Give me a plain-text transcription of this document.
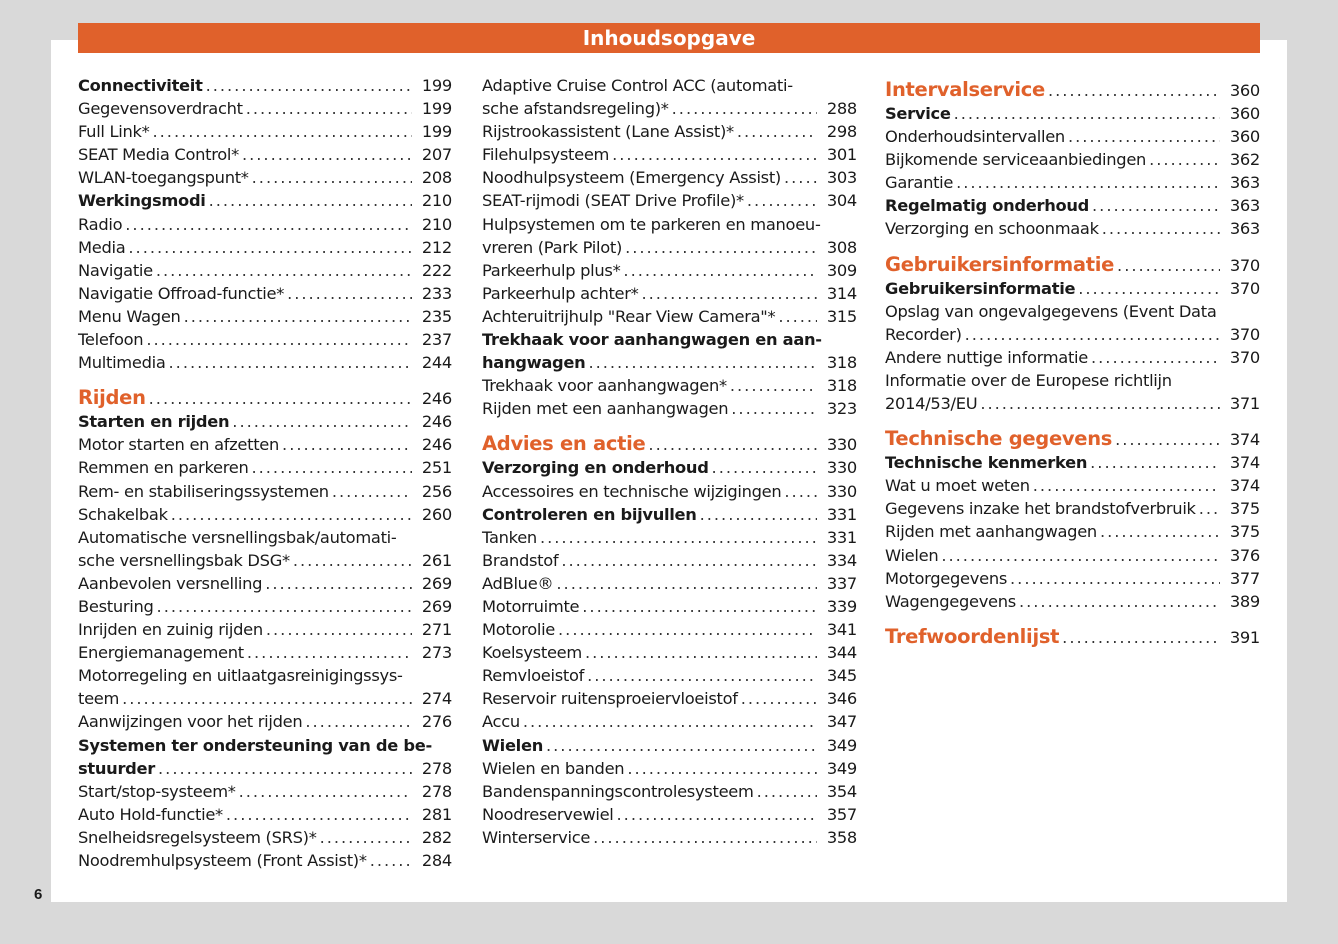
Inhoudsopgave
Connectiviteit . . .	199
Gegevensoverdracht . . .	199
Full Link* . . .	199
SEAT Media Control* . . .	207
WLAN-toegangspunt* . . .	208
Werkingsmodi . . .	210
Radio . . .	210
Media . . .	212
Navigatie . . .	222
Navigatie Offroad-functie* . . .	233
Menu Wagen . . .	235
Telefoon . . .	237
Multimedia . . .	244
Rijden . . .	246
Starten en rijden . . .	246
Motor starten en afzetten . . .	246
Remmen en parkeren . . .	251
Rem- en stabiliseringssystemen . . .	256
Schakelbak . . .	260
Automatische versnellingsbak/automati-
sche versnellingsbak DSG* . . .	261
Aanbevolen versnelling . . .	269
Besturing . . .	269
Inrijden en zuinig rijden . . .	271
Energiemanagement . . .	273
Motorregeling en uitlaatgasreinigingssys-
teem . . .	274
Aanwijzingen voor het rijden . . .	276
Systemen ter ondersteuning van de be-
stuurder . . .	278
Start/stop-systeem* . . .	278
Auto Hold-functie* . . .	281
Snelheidsregelsysteem (SRS)* . . .	282
Noodremhulpsysteem (Front Assist)* . . .	284
Adaptive Cruise Control ACC (automati-
sche afstandsregeling)* . . .	288
Rijstrookassistent (Lane Assist)* . . .	298
Filehulpsysteem . . .	301
Noodhulpsysteem (Emergency Assist) . . .	303
SEAT-rijmodi (SEAT Drive Profile)* . . .	304
Hulpsystemen om te parkeren en manoeu-
vreren (Park Pilot) . . .	308
Parkeerhulp plus* . . .	309
Parkeerhulp achter* . . .	314
Achteruitrijhulp "Rear View Camera"* . . .	315
Trekhaak voor aanhangwagen en aan-
hangwagen . . .	318
Trekhaak voor aanhangwagen* . . .	318
Rijden met een aanhangwagen . . .	323
Advies en actie . . .	330
Verzorging en onderhoud . . .	330
Accessoires en technische wijzigingen . . .	330
Controleren en bijvullen . . .	331
Tanken . . .	331
Brandstof . . .	334
AdBlue® . . .	337
Motorruimte . . .	339
Motorolie . . .	341
Koelsysteem . . .	344
Remvloeistof . . .	345
Reservoir ruitensproeiervloeistof . . .	346
Accu . . .	347
Wielen . . .	349
Wielen en banden . . .	349
Bandenspanningscontrolesysteem . . .	354
Noodreservewiel . . .	357
Winterservice . . .	358
Intervalservice . . .	360
Service . . .	360
Onderhoudsintervallen . . .	360
Bijkomende serviceaanbiedingen . . .	362
Garantie . . .	363
Regelmatig onderhoud . . .	363
Verzorging en schoonmaak . . .	363
Gebruikersinformatie . . .	370
Gebruikersinformatie . . .	370
Opslag van ongevalgegevens (Event Data
Recorder) . . .	370
Andere nuttige informatie . . .	370
Informatie over de Europese richtlijn
2014/53/EU . . .	371
Technische gegevens . . .	374
Technische kenmerken . . .	374
Wat u moet weten . . .	374
Gegevens inzake het brandstofverbruik . . . 375
Rijden met aanhangwagen . . .	375
Wielen . . .	376
Motorgegevens . . .	377
Wagengegevens . . .	389
Trefwoordenlijst . . .	391
6
